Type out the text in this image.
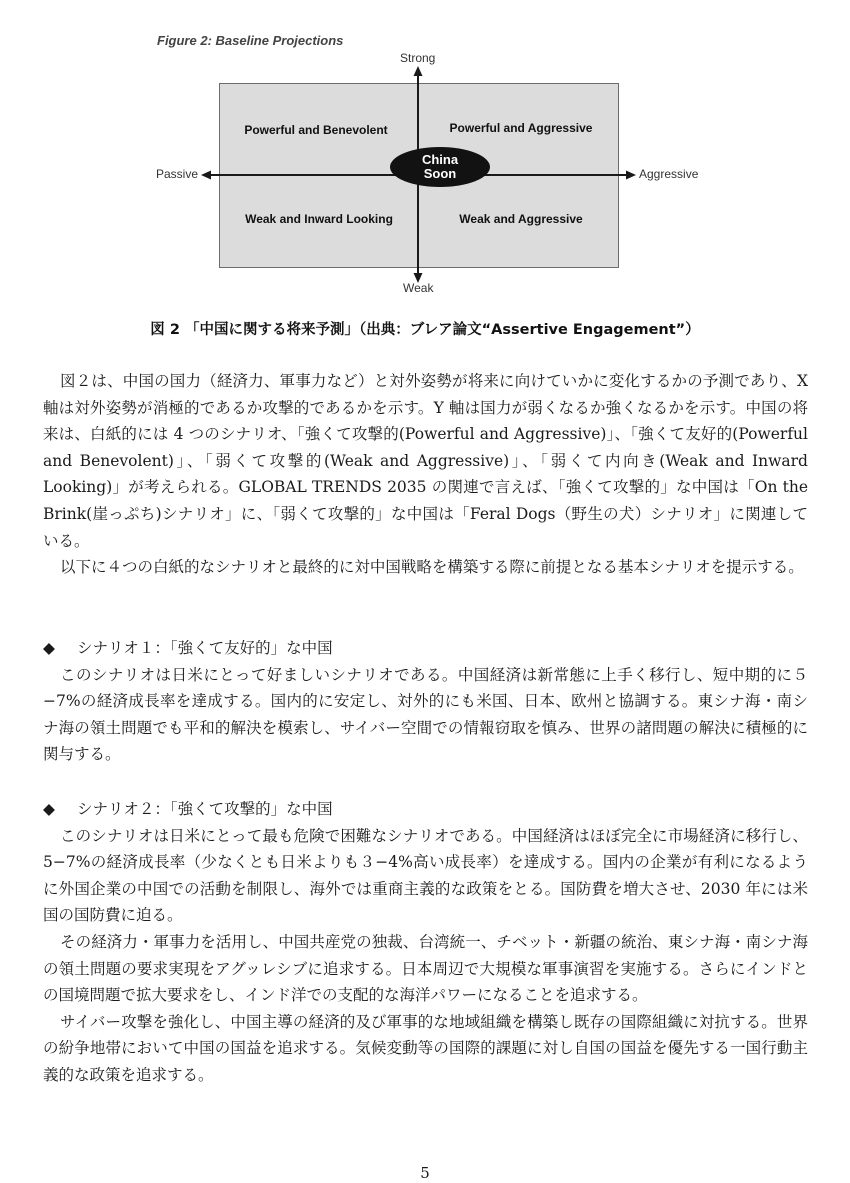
Figure 2: Baseline Projections
Strong
Weak
Passive	Aggressive
Powerful and Benevolent	Powerful and Aggressive
Weak and Inward Looking	Weak and Aggressive
China
Soon
図 2 「中国に関する将来予測」（出典：ブレア論文“Assertive Engagement”）

図２は、中国の国力（経済力、軍事力など）と対外姿勢が将来に向けていかに変化するかの予測であり、X 軸は対外姿勢が消極的であるか攻撃的であるかを示す。Y 軸は国力が弱くなるか強くなるかを示す。中国の将来は、白紙的には 4 つのシナリオ、「強くて攻撃的(Powerful and Aggressive)」、「強くて友好的(Powerful and Benevolent)」、「弱くて攻撃的(Weak and Aggressive)」、「弱くて内向き(Weak and Inward Looking)」が考えられる。GLOBAL TRENDS 2035 の関連で言えば、「強くて攻撃的」な中国は「On the Brink(崖っぷち)シナリオ」に、「弱くて攻撃的」な中国は「Feral Dogs（野生の犬）シナリオ」に関連している。

以下に４つの白紙的なシナリオと最終的に対中国戦略を構築する際に前提となる基本シナリオを提示する。

◆	シナリオ１：「強くて友好的」な中国

このシナリオは日米にとって好ましいシナリオである。中国経済は新常態に上手く移行し、短中期的に５−7%の経済成長率を達成する。国内的に安定し、対外的にも米国、日本、欧州と協調する。東シナ海・南シナ海の領土問題でも平和的解決を模索し、サイバー空間での情報窃取を慎み、世界の諸問題の解決に積極的に関与する。

◆	シナリオ２：「強くて攻撃的」な中国

このシナリオは日米にとって最も危険で困難なシナリオである。中国経済はほぼ完全に市場経済に移行し、5−7%の経済成長率（少なくとも日米よりも３−4%高い成長率）を達成する。国内の企業が有利になるように外国企業の中国での活動を制限し、海外では重商主義的な政策をとる。国防費を増大させ、2030 年には米国の国防費に迫る。

その経済力・軍事力を活用し、中国共産党の独裁、台湾統一、チベット・新疆の統治、東シナ海・南シナ海の領土問題の要求実現をアグッレシブに追求する。日本周辺で大規模な軍事演習を実施する。さらにインドとの国境問題で拡大要求をし、インド洋での支配的な海洋パワーになることを追求する。

サイバー攻撃を強化し、中国主導の経済的及び軍事的な地域組織を構築し既存の国際組織に対抗する。世界の紛争地帯において中国の国益を追求する。気候変動等の国際的課題に対し自国の国益を優先する一国行動主義的な政策を追求する。

5
